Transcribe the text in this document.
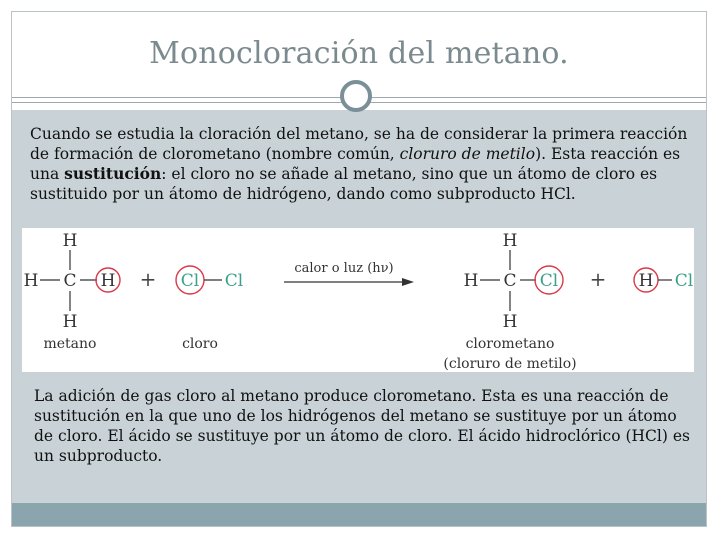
Monocloración del metano.
Cuando se estudia la cloración del metano, se ha de considerar la primera reacción de formación de clorometano (nombre común, cloruro de metilo). Esta reacción es una sustitución: el cloro no se añade al metano, sino que un átomo de cloro es sustituido por un átomo de hidrógeno, dando como subproducto HCl.
H
H C H
H
metano
+ Cl Cl
cloro
calor o luz (hν)
H
H C Cl
H
clorometano
(cloruro de metilo)
+ H Cl
La adición de gas cloro al metano produce clorometano. Esta es una reacción de sustitución en la que uno de los hidrógenos del metano se sustituye por un átomo de cloro. El ácido se sustituye por un átomo de cloro. El ácido hidroclórico (HCl) es un subproducto.
